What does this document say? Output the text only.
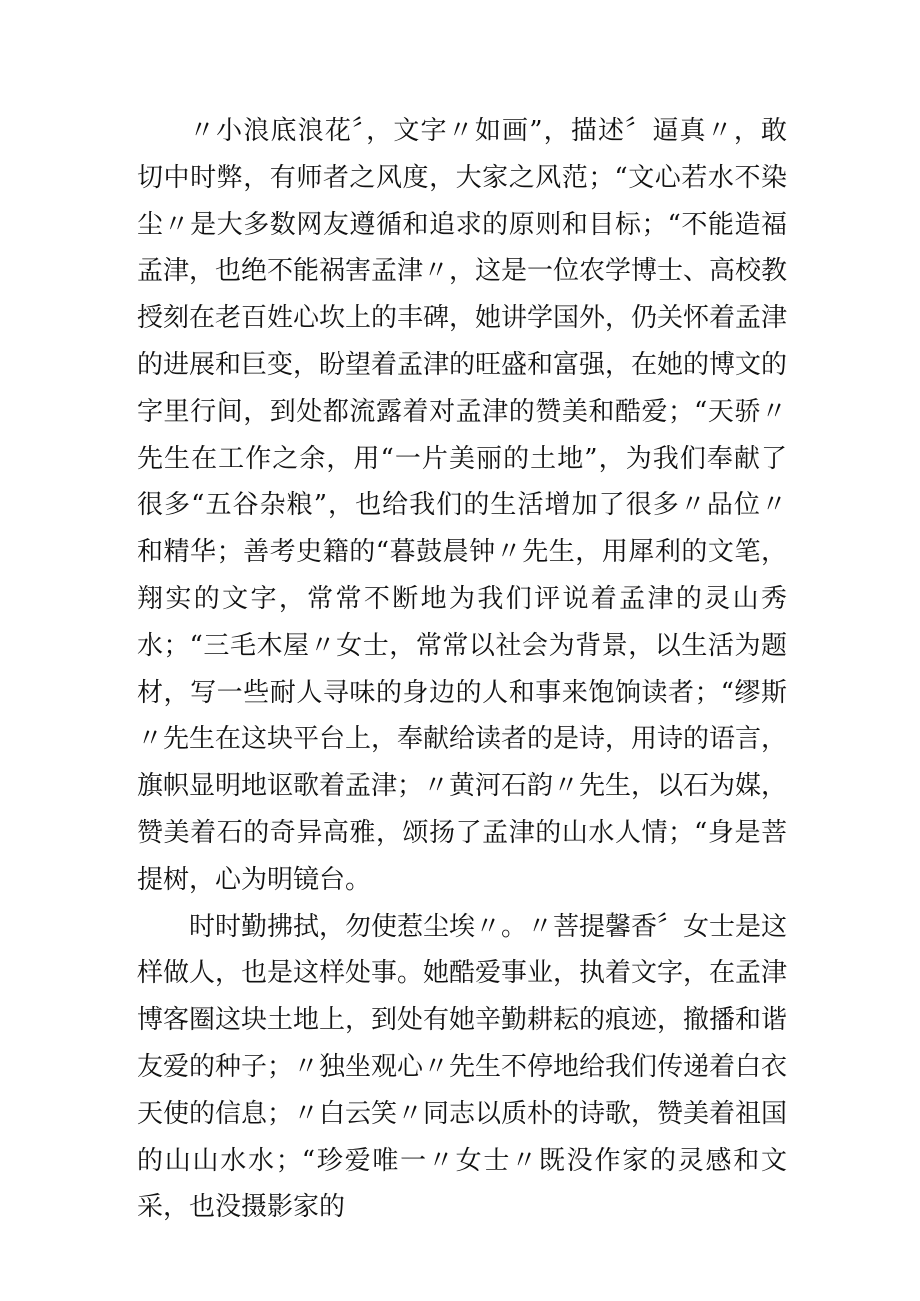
〃小浪底浪花〞，文字〃如画”，描述〞逼真〃，敢切中时弊，有师者之风度，大家之风范；“文心若水不染尘〃是大多数网友遵循和追求的原则和目标；“不能造福孟津，也绝不能祸害孟津〃，这是一位农学博士、高校教授刻在老百姓心坎上的丰碑，她讲学国外，仍关怀着孟津的进展和巨变，盼望着孟津的旺盛和富强，在她的博文的字里行间，到处都流露着对孟津的赞美和酷爱；“天骄〃先生在工作之余，用“一片美丽的土地”，为我们奉献了很多“五谷杂粮”，也给我们的生活增加了很多〃品位〃和精华；善考史籍的“暮鼓晨钟〃先生，用犀利的文笔，翔实的文字，常常不断地为我们评说着孟津的灵山秀水；“三毛木屋〃女士，常常以社会为背景，以生活为题材，写一些耐人寻味的身边的人和事来饱饷读者；“缪斯〃先生在这块平台上，奉献给读者的是诗，用诗的语言，旗帜显明地讴歌着孟津；〃黄河石韵〃先生，以石为媒，赞美着石的奇异高雅，颂扬了孟津的山水人情；“身是菩提树，心为明镜台。

时时勤拂拭，勿使惹尘埃〃。〃菩提馨香〞女士是这样做人，也是这样处事。她酷爱事业，执着文字，在孟津博客圈这块土地上，到处有她辛勤耕耘的痕迹，撤播和谐友爱的种子；〃独坐观心〃先生不停地给我们传递着白衣天使的信息；〃白云笑〃同志以质朴的诗歌，赞美着祖国的山山水水；“珍爱唯一〃女士〃既没作家的灵感和文采，也没摄影家的
